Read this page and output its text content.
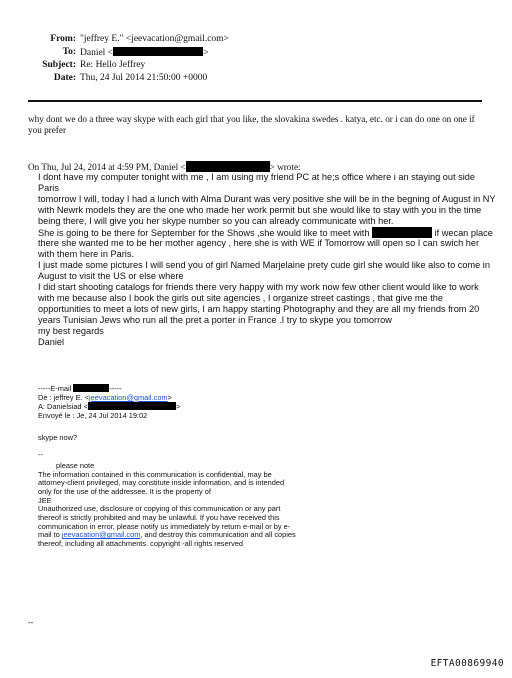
From: "jeffrey E." <jeevacation@gmail.com>
To: Daniel <	>
Subject: Re: Hello Jeffrey
Date: Thu, 24 Jul 2014 21:50:00 +0000
why dont we do a three way skype with each girl that you like, the slovakina swedes . katya, etc. or i can do one on one if you prefer
On Thu, Jul 24, 2014 at 4:59 PM, Daniel <	> wrote:

I dont have my computer tonight with me , I am using my friend PC at he;s office where i an staying out side Paris

tomorrow I will, today I had a lunch with Alma Durant was very positive she will be in the begning of August in NY with Newrk models they are the one who made her work permit but she would like to stay with you in the time being there, I will give you her skype number so you can already communicate with her.

She is going to be there for September for the Shows ,she would like to meet with	if wecan place there she wanted me to be her mother agency , here she is with WE if Tomorrow will open so I can swich her with them here in Paris.

I just made some pictures I will send you of girl Named Marjelaine prety cude girl she would like also to come in August to visit the US or else where

I did start shooting catalogs for friends there very happy with my work now few other client would like to work with me because also I book the girls out site agencies , I organize street castings , that give me the opportunities to meet a lots of new girls, I am happy starting Photography and they are all my friends from 20 years Tunisian Jews who run all the pret a porter in France .I try to skype you tomorrow

my best regards

Daniel

-----E-mail	-----

De : jeffrey E. <jeevacation@gmail.com>

A: Danielsiad <	>

Envoyé le : Je, 24 Jul 2014 19:02

skype now?
--

please note

The information contained in this communication is confidential, may be attorney-client privileged, may constitute inside information, and is intended only for the use of the addressee. It is the property of

JEE

Unauthorized use, disclosure or copying of this communication or any part thereof is strictly prohibited and may be unlawful. If you have received this communication in error, please notify us immediately by return e-mail or by e-mail to jeevacation@gmail.com, and destroy this communication and all copies thereof, including all attachments. copyright -all rights reserved

--
EFTA00869940
